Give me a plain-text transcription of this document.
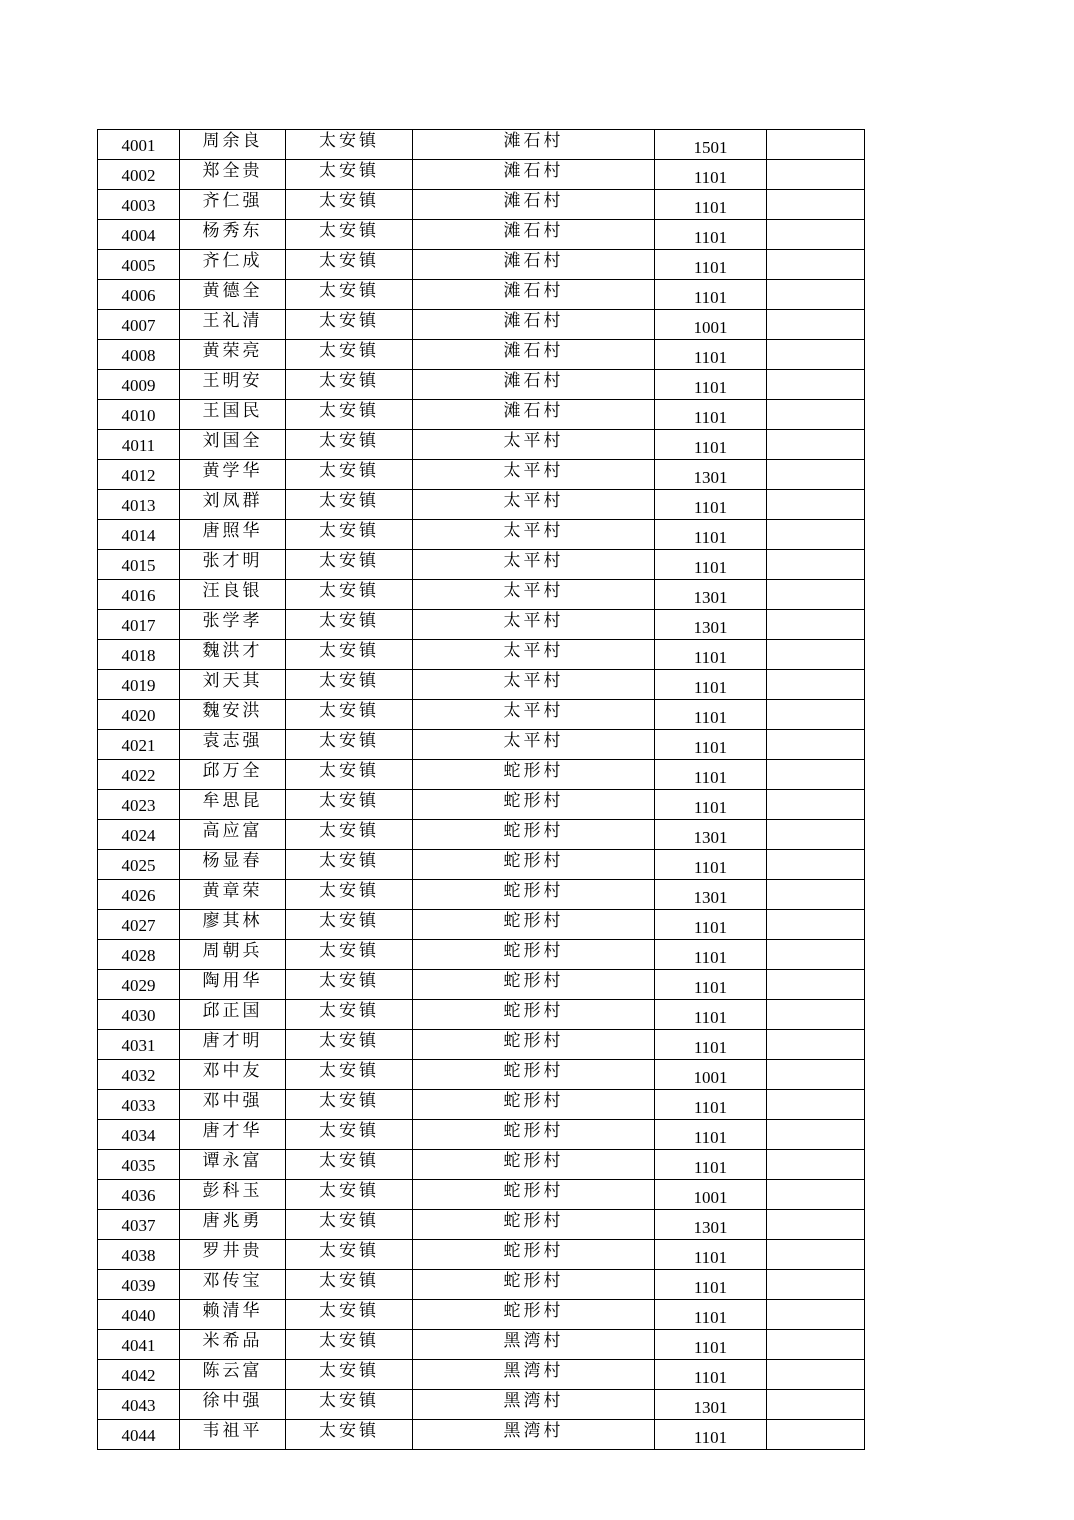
4001	周余良	太安镇	滩石村	1501	
4002	郑全贵	太安镇	滩石村	1101	
4003	齐仁强	太安镇	滩石村	1101	
4004	杨秀东	太安镇	滩石村	1101	
4005	齐仁成	太安镇	滩石村	1101	
4006	黄德全	太安镇	滩石村	1101	
4007	王礼清	太安镇	滩石村	1001	
4008	黄荣亮	太安镇	滩石村	1101	
4009	王明安	太安镇	滩石村	1101	
4010	王国民	太安镇	滩石村	1101	
4011	刘国全	太安镇	太平村	1101	
4012	黄学华	太安镇	太平村	1301	
4013	刘凤群	太安镇	太平村	1101	
4014	唐照华	太安镇	太平村	1101	
4015	张才明	太安镇	太平村	1101	
4016	汪良银	太安镇	太平村	1301	
4017	张学孝	太安镇	太平村	1301	
4018	魏洪才	太安镇	太平村	1101	
4019	刘天其	太安镇	太平村	1101	
4020	魏安洪	太安镇	太平村	1101	
4021	袁志强	太安镇	太平村	1101	
4022	邱万全	太安镇	蛇形村	1101	
4023	牟思昆	太安镇	蛇形村	1101	
4024	高应富	太安镇	蛇形村	1301	
4025	杨显春	太安镇	蛇形村	1101	
4026	黄章荣	太安镇	蛇形村	1301	
4027	廖其林	太安镇	蛇形村	1101	
4028	周朝兵	太安镇	蛇形村	1101	
4029	陶用华	太安镇	蛇形村	1101	
4030	邱正国	太安镇	蛇形村	1101	
4031	唐才明	太安镇	蛇形村	1101	
4032	邓中友	太安镇	蛇形村	1001	
4033	邓中强	太安镇	蛇形村	1101	
4034	唐才华	太安镇	蛇形村	1101	
4035	谭永富	太安镇	蛇形村	1101	
4036	彭科玉	太安镇	蛇形村	1001	
4037	唐兆勇	太安镇	蛇形村	1301	
4038	罗井贵	太安镇	蛇形村	1101	
4039	邓传宝	太安镇	蛇形村	1101	
4040	赖清华	太安镇	蛇形村	1101	
4041	米希品	太安镇	黑湾村	1101	
4042	陈云富	太安镇	黑湾村	1101	
4043	徐中强	太安镇	黑湾村	1301	
4044	韦祖平	太安镇	黑湾村	1101	
